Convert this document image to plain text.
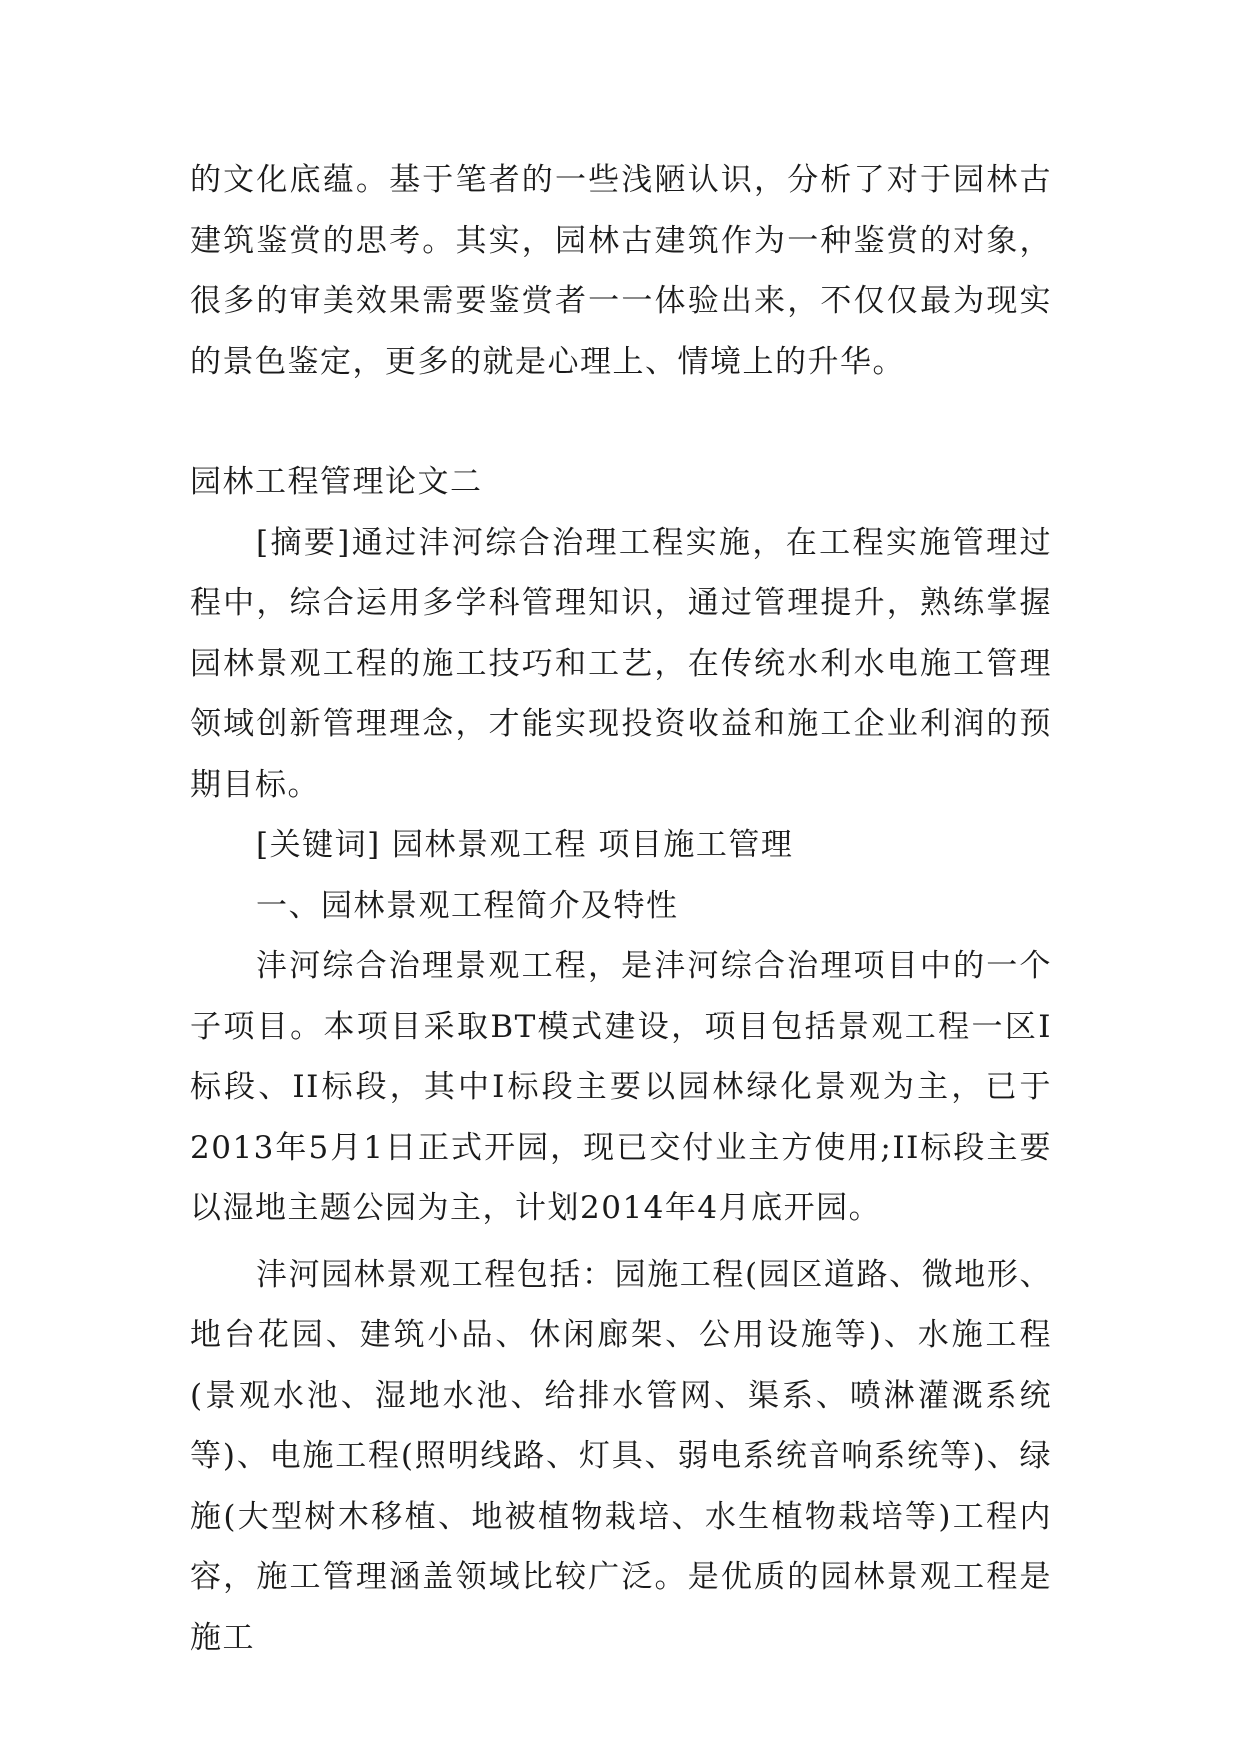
的文化底蕴。基于笔者的一些浅陋认识，分析了对于园林古建筑鉴赏的思考。其实，园林古建筑作为一种鉴赏的对象，很多的审美效果需要鉴赏者一一体验出来，不仅仅最为现实的景色鉴定，更多的就是心理上、情境上的升华。

园林工程管理论文二

[摘要]通过沣河综合治理工程实施，在工程实施管理过程中，综合运用多学科管理知识，通过管理提升，熟练掌握园林景观工程的施工技巧和工艺，在传统水利水电施工管理领域创新管理理念，才能实现投资收益和施工企业利润的预期目标。

[关键词] 园林景观工程 项目施工管理

一、园林景观工程简介及特性

沣河综合治理景观工程，是沣河综合治理项目中的一个子项目。本项目采取BT模式建设，项目包括景观工程一区I标段、II标段，其中I标段主要以园林绿化景观为主，已于2013年5月1日正式开园，现已交付业主方使用;II标段主要以湿地主题公园为主，计划2014年4月底开园。

沣河园林景观工程包括：园施工程(园区道路、微地形、地台花园、建筑小品、休闲廊架、公用设施等)、水施工程(景观水池、湿地水池、给排水管网、渠系、喷淋灌溉系统等)、电施工程(照明线路、灯具、弱电系统音响系统等)、绿施(大型树木移植、地被植物栽培、水生植物栽培等)工程内容，施工管理涵盖领域比较广泛。是优质的园林景观工程是施工
